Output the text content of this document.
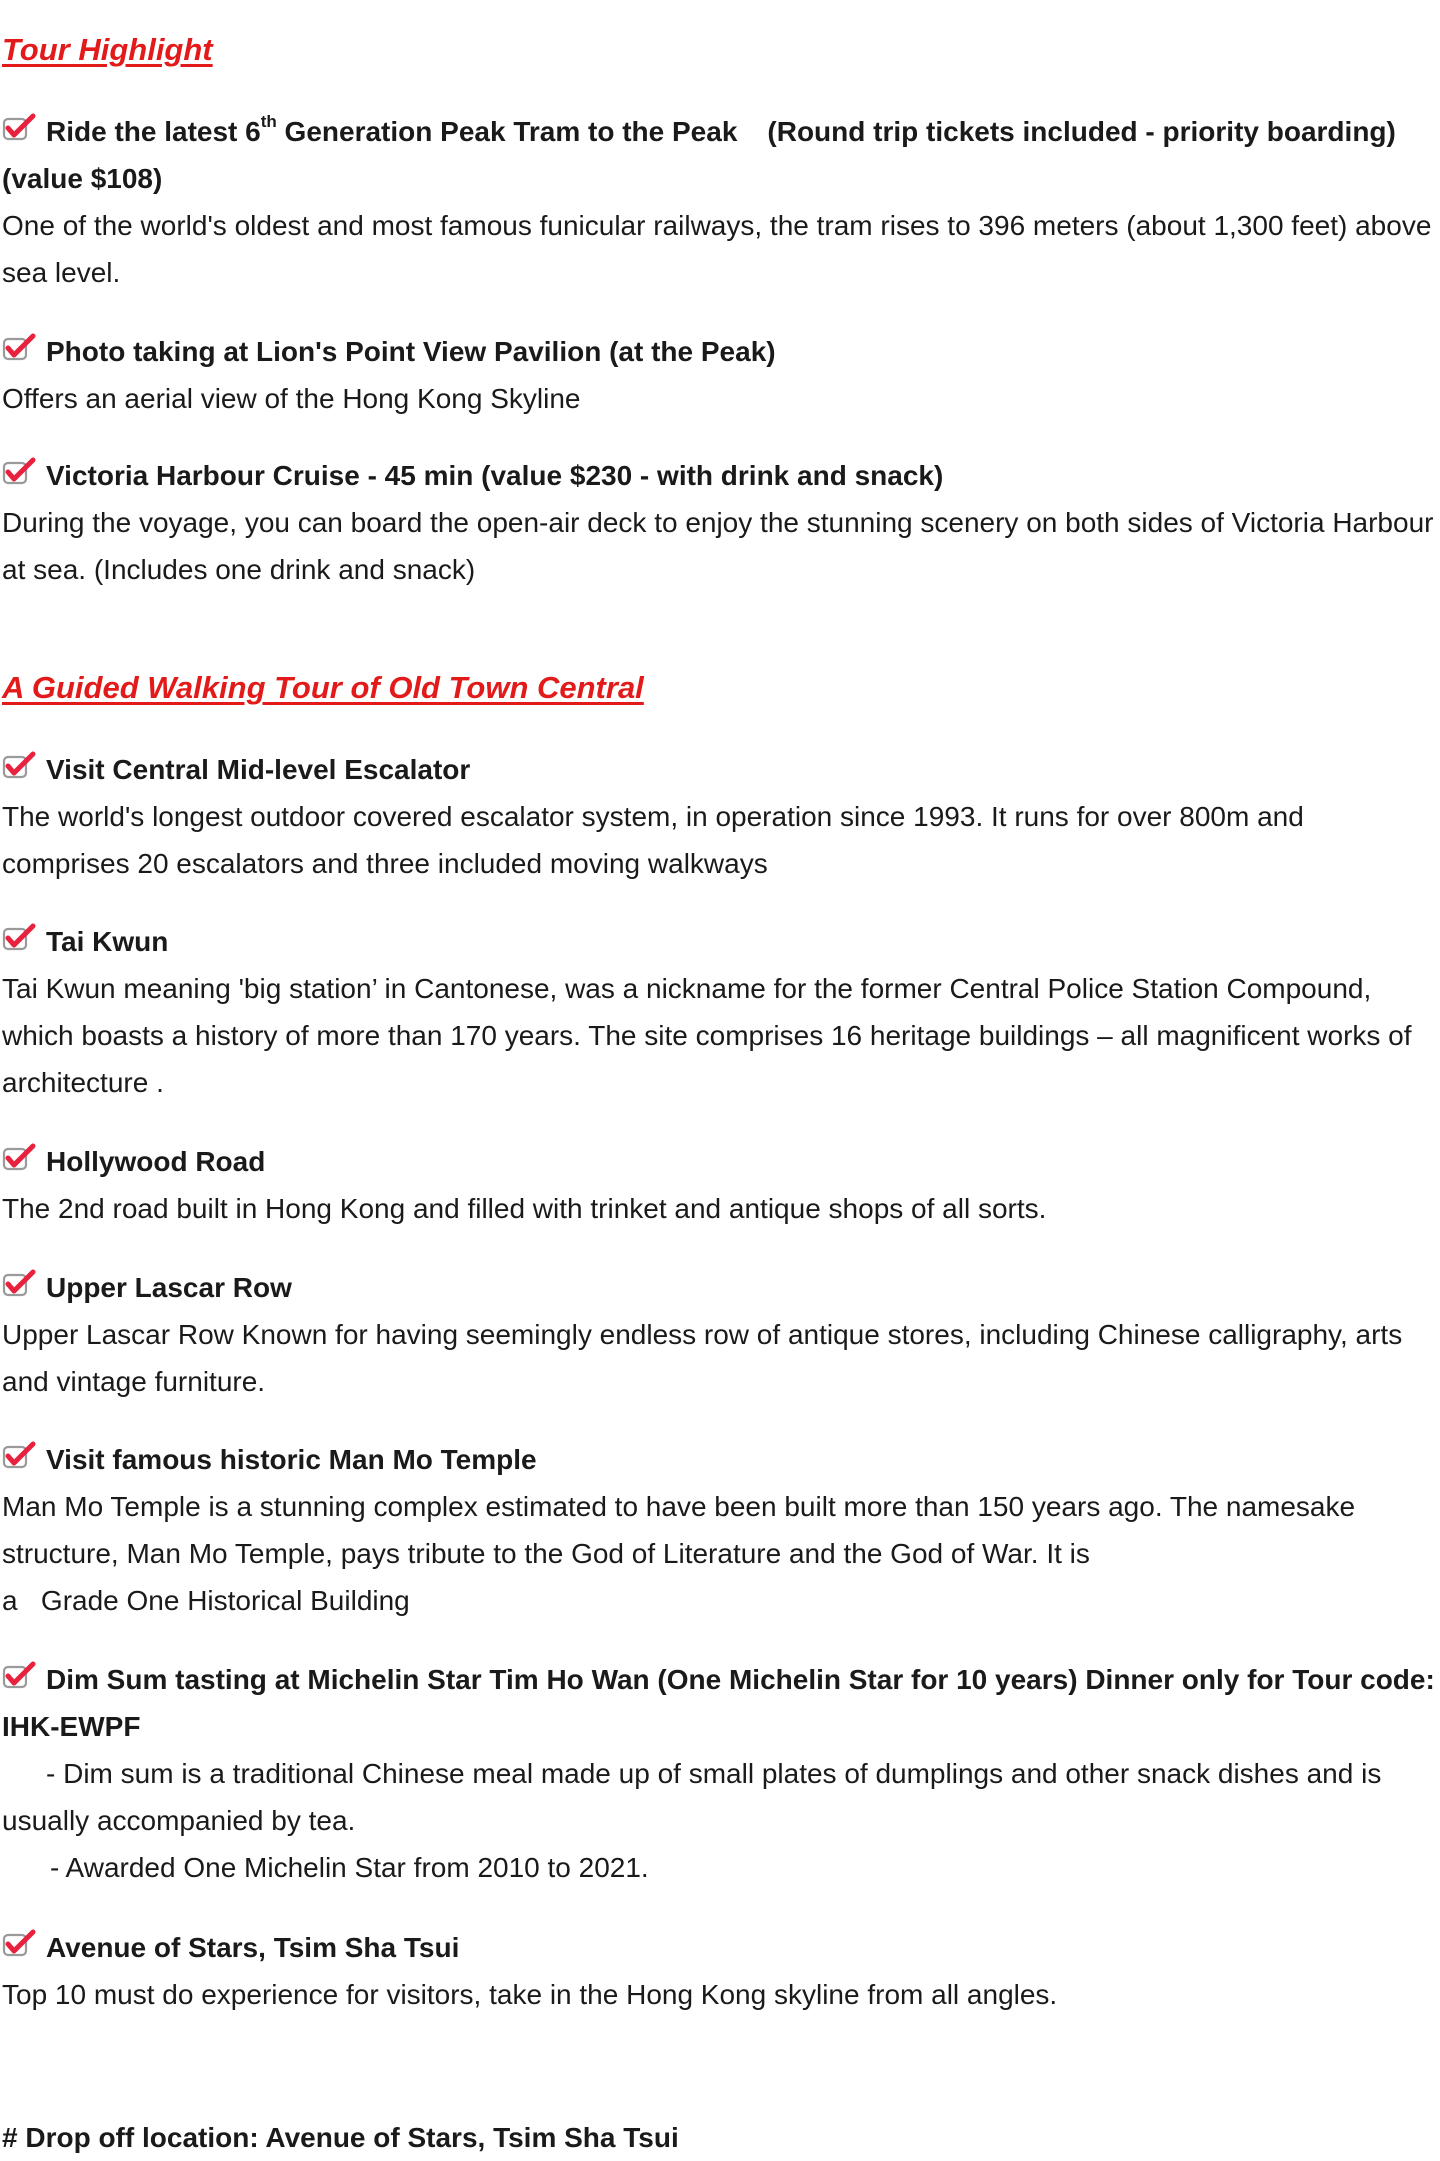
Tour Highlight

Ride the latest 6th Generation Peak Tram to the Peak (Round trip tickets included - priority boarding) (value $108)

One of the world's oldest and most famous funicular railways, the tram rises to 396 meters (about 1,300 feet) above sea level.

Photo taking at Lion's Point View Pavilion (at the Peak)

Offers an aerial view of the Hong Kong Skyline

Victoria Harbour Cruise - 45 min (value $230 - with drink and snack)

During the voyage, you can board the open-air deck to enjoy the stunning scenery on both sides of Victoria Harbour at sea. (Includes one drink and snack)

A Guided Walking Tour of Old Town Central

Visit Central Mid-level Escalator

The world's longest outdoor covered escalator system, in operation since 1993. It runs for over 800m and comprises 20 escalators and three included moving walkways

Tai Kwun

Tai Kwun meaning 'big station’ in Cantonese, was a nickname for the former Central Police Station Compound, which boasts a history of more than 170 years. The site comprises 16 heritage buildings – all magnificent works of architecture .

Hollywood Road

The 2nd road built in Hong Kong and filled with trinket and antique shops of all sorts.

Upper Lascar Row

Upper Lascar Row Known for having seemingly endless row of antique stores, including Chinese calligraphy, arts and vintage furniture.

Visit famous historic Man Mo Temple

Man Mo Temple is a stunning complex estimated to have been built more than 150 years ago. The namesake structure, Man Mo Temple, pays tribute to the God of Literature and the God of War. It is

a   Grade One Historical Building

Dim Sum tasting at Michelin Star Tim Ho Wan (One Michelin Star for 10 years) Dinner only for Tour code: IHK-EWPF

- Dim sum is a traditional Chinese meal made up of small plates of dumplings and other snack dishes and is usually accompanied by tea.

- Awarded One Michelin Star from 2010 to 2021.

Avenue of Stars, Tsim Sha Tsui

Top 10 must do experience for visitors, take in the Hong Kong skyline from all angles.

# Drop off location: Avenue of Stars, Tsim Sha Tsui
